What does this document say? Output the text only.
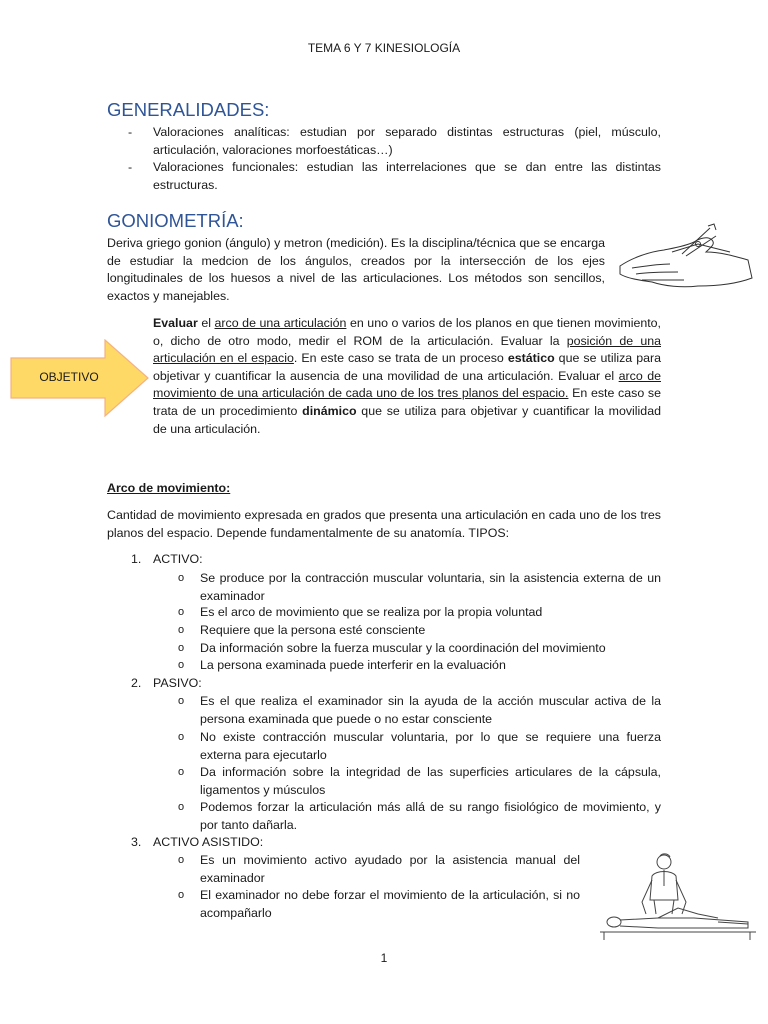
TEMA 6 Y 7 KINESIOLOGÍA
GENERALIDADES:
-	Valoraciones analíticas: estudian por separado distintas estructuras (piel, músculo, articulación, valoraciones morfoestáticas…)
-	Valoraciones funcionales: estudian las interrelaciones que se dan entre las distintas estructuras.
GONIOMETRÍA:
Deriva griego gonion (ángulo) y metron (medición). Es la disciplina/técnica que se encarga de estudiar la medcion de los ángulos, creados por la intersección de los ejes longitudinales de los huesos a nivel de las articulaciones. Los métodos son sencillos, exactos y manejables.
OBJETIVO
Evaluar el arco de una articulación en uno o varios de los planos en que tienen movimiento, o, dicho de otro modo, medir el ROM de la articulación. Evaluar la posición de una articulación en el espacio. En este caso se trata de un proceso estático que se utiliza para objetivar y cuantificar la ausencia de una movilidad de una articulación. Evaluar el arco de movimiento de una articulación de cada uno de los tres planos del espacio. En este caso se trata de un procedimiento dinámico que se utiliza para objetivar y cuantificar la movilidad de una articulación.
Arco de movimiento:
Cantidad de movimiento expresada en grados que presenta una articulación en cada uno de los tres planos del espacio. Depende fundamentalmente de su anatomía. TIPOS:
1. ACTIVO:
o Se produce por la contracción muscular voluntaria, sin la asistencia externa de un examinador
o Es el arco de movimiento que se realiza por la propia voluntad
o Requiere que la persona esté consciente
o Da información sobre la fuerza muscular y la coordinación del movimiento
o La persona examinada puede interferir en la evaluación
2. PASIVO:
o Es el que realiza el examinador sin la ayuda de la acción muscular activa de la persona examinada que puede o no estar consciente
o No existe contracción muscular voluntaria, por lo que se requiere una fuerza externa para ejecutarlo
o Da información sobre la integridad de las superficies articulares de la cápsula, ligamentos y músculos
o Podemos forzar la articulación más allá de su rango fisiológico de movimiento, y por tanto dañarla.
3. ACTIVO ASISTIDO:
o Es un movimiento activo ayudado por la asistencia manual del examinador
o El examinador no debe forzar el movimiento de la articulación, si no acompañarlo
1
